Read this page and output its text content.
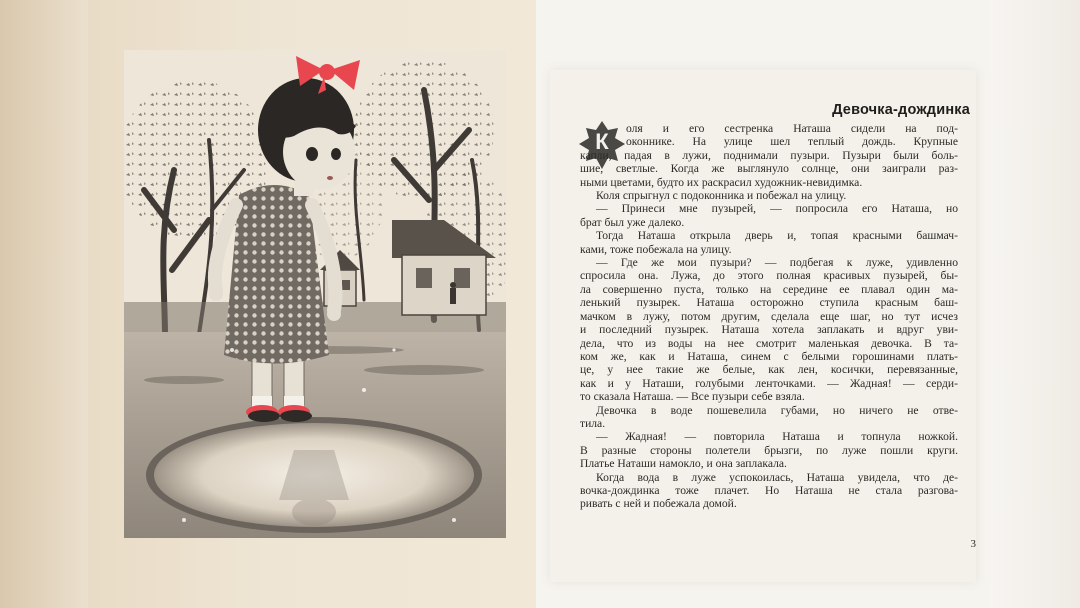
Девочка-дождинка
К
оля и его сестренка Наташа сидели на под-
оконнике. На улице шел теплый дождь. Крупные
капли, падая в лужи, поднимали пузыри. Пузыри были боль-
шие, светлые. Когда же выглянуло солнце, они заиграли раз-
ными цветами, будто их раскрасил художник-невидимка.
Коля спрыгнул с подоконника и побежал на улицу.
— Принеси мне пузырей, — попросила его Наташа, но
брат был уже далеко.
Тогда Наташа открыла дверь и, топая красными башмач-
ками, тоже побежала на улицу.
— Где же мои пузыри? — подбегая к луже, удивленно
спросила она. Лужа, до этого полная красивых пузырей, бы-
ла совершенно пуста, только на середине ее плавал один ма-
ленький пузырек. Наташа осторожно ступила красным баш-
мачком в лужу, потом другим, сделала еще шаг, но тут исчез
и последний пузырек. Наташа хотела заплакать и вдруг уви-
дела, что из воды на нее смотрит маленькая девочка. В та-
ком же, как и Наташа, синем с белыми горошинами плать-
це, у нее такие же белые, как лен, косички, перевязанные,
как и у Наташи, голубыми ленточками. — Жадная! — серди-
то сказала Наташа. — Все пузыри себе взяла.
Девочка в воде пошевелила губами, но ничего не отве-
тила.
— Жадная! — повторила Наташа и топнула ножкой.
В разные стороны полетели брызги, по луже пошли круги.
Платье Наташи намокло, и она заплакала.
Когда вода в луже успокоилась, Наташа увидела, что де-
вочка-дождинка тоже плачет. Но Наташа не стала разгова-
ривать с ней и побежала домой.
3
